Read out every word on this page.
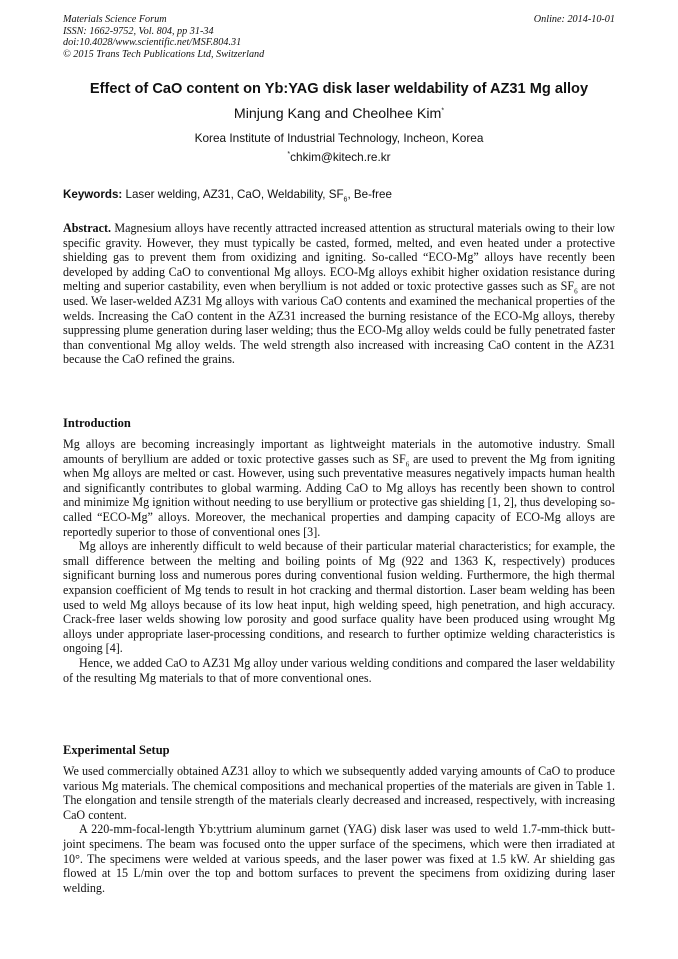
Materials Science Forum
ISSN: 1662-9752, Vol. 804, pp 31-34
doi:10.4028/www.scientific.net/MSF.804.31
© 2015 Trans Tech Publications Ltd, Switzerland
Online: 2014-10-01
Effect of CaO content on Yb:YAG disk laser weldability of AZ31 Mg alloy
Minjung Kang and Cheolhee Kim*
Korea Institute of Industrial Technology, Incheon, Korea
*chkim@kitech.re.kr
Keywords: Laser welding, AZ31, CaO, Weldability, $SF_6$, Be-free

Abstract. Magnesium alloys have recently attracted increased attention as structural materials owing to their low specific gravity. However, they must typically be casted, formed, melted, and even heated under a protective shielding gas to prevent them from oxidizing and igniting. So-called “ECO-Mg” alloys have recently been developed by adding CaO to conventional Mg alloys. ECO-Mg alloys exhibit higher oxidation resistance during melting and superior castability, even when beryllium is not added or toxic protective gasses such as $SF_6$ are not used. We laser-welded AZ31 Mg alloys with various CaO contents and examined the mechanical properties of the welds. Increasing the CaO content in the AZ31 increased the burning resistance of the ECO-Mg alloys, thereby suppressing plume generation during laser welding; thus the ECO-Mg alloy welds could be fully penetrated faster than conventional Mg alloy welds. The weld strength also increased with increasing CaO content in the AZ31 because the CaO refined the grains.

Introduction

Mg alloys are becoming increasingly important as lightweight materials in the automotive industry. Small amounts of beryllium are added or toxic protective gasses such as $SF_6$ are used to prevent the Mg from igniting when Mg alloys are melted or cast. However, using such preventative measures negatively impacts human health and significantly contributes to global warming. Adding CaO to Mg alloys has recently been shown to control and minimize Mg ignition without needing to use beryllium or protective gas shielding [1, 2], thus developing so-called “ECO-Mg” alloys. Moreover, the mechanical properties and damping capacity of ECO-Mg alloys are reportedly superior to those of conventional ones [3].

Mg alloys are inherently difficult to weld because of their particular material characteristics; for example, the small difference between the melting and boiling points of Mg (922 and 1363 K, respectively) produces significant burning loss and numerous pores during conventional fusion welding. Furthermore, the high thermal expansion coefficient of Mg tends to result in hot cracking and thermal distortion. Laser beam welding has been used to weld Mg alloys because of its low heat input, high welding speed, high penetration, and high accuracy. Crack-free laser welds showing low porosity and good surface quality have been produced using wrought Mg alloys under appropriate laser-processing conditions, and research to further optimize welding characteristics is ongoing [4].

Hence, we added CaO to AZ31 Mg alloy under various welding conditions and compared the laser weldability of the resulting Mg materials to that of more conventional ones.

Experimental Setup

We used commercially obtained AZ31 alloy to which we subsequently added varying amounts of CaO to produce various Mg materials. The chemical compositions and mechanical properties of the materials are given in Table 1. The elongation and tensile strength of the materials clearly decreased and increased, respectively, with increasing CaO content.

A 220-mm-focal-length Yb:yttrium aluminum garnet (YAG) disk laser was used to weld 1.7-mm-thick butt-joint specimens. The beam was focused onto the upper surface of the specimens, which were then irradiated at 10°. The specimens were welded at various speeds, and the laser power was fixed at 1.5 kW. Ar shielding gas flowed at 15 L/min over the top and bottom surfaces to prevent the specimens from oxidizing during laser welding.
